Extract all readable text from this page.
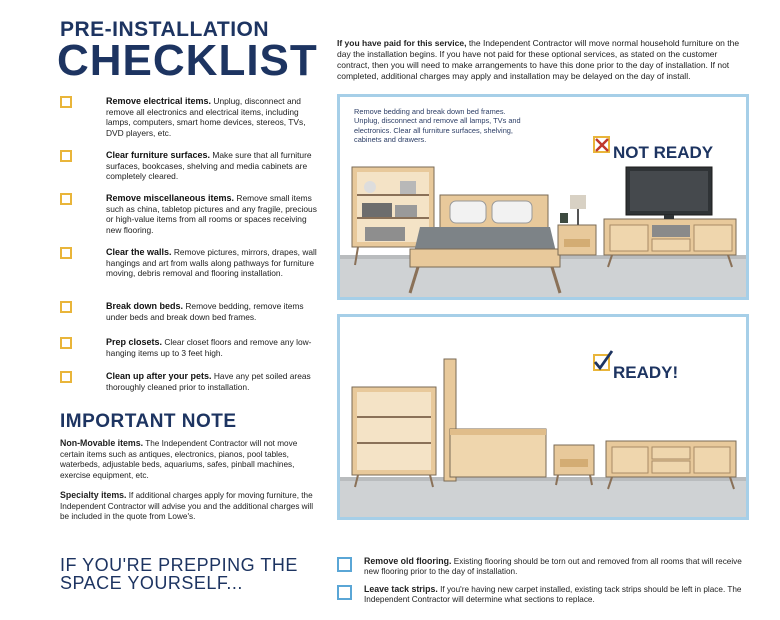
PRE-INSTALLATION
CHECKLIST
Remove electrical items. Unplug, disconnect and remove all electronics and electrical items, including lamps, computers, smart home devices, stereos, TVs, DVD players, etc.
Clear furniture surfaces. Make sure that all furniture surfaces, bookcases, shelving and media cabinets are completely cleared.
Remove miscellaneous items. Remove small items such as china, tabletop pictures and any fragile, precious or high-value items from all rooms or spaces receiving new flooring.
Clear the walls. Remove pictures, mirrors, drapes, wall hangings and art from walls along pathways for furniture moving, debris removal and flooring installation.
Break down beds. Remove bedding, remove items under beds and break down bed frames.
Prep closets. Clear closet floors and remove any low-hanging items up to 3 feet high.
Clean up after your pets. Have any pet soiled areas thoroughly cleaned prior to installation.
IMPORTANT NOTE
Non-Movable items. The Independent Contractor will not move certain items such as antiques, electronics, pianos, pool tables, waterbeds, adjustable beds, aquariums, safes, pinball machines, exercise equipment, etc.
Specialty items. If additional charges apply for moving furniture, the Independent Contractor will advise you and the additional charges will be included in the quote from Lowe's.
If you have paid for this service, the Independent Contractor will move normal household furniture on the day the installation begins. If you have not paid for these optional services, as stated on the customer contract, then you will need to make arrangements to have this done prior to the day of installation. If not completed, additional charges may apply and installation may be delayed on the day of install.
Remove bedding and break down bed frames. Unplug, disconnect and remove all lamps, TVs and electronics. Clear all furniture surfaces, shelving, cabinets and drawers.
NOT READY
READY!
IF YOU'RE PREPPING THE
SPACE YOURSELF...
Remove old flooring. Existing flooring should be torn out and removed from all rooms that will receive new flooring prior to the day of installation.
Leave tack strips. If you're having new carpet installed, existing tack strips should be left in place. The Independent Contractor will determine what sections to replace.
